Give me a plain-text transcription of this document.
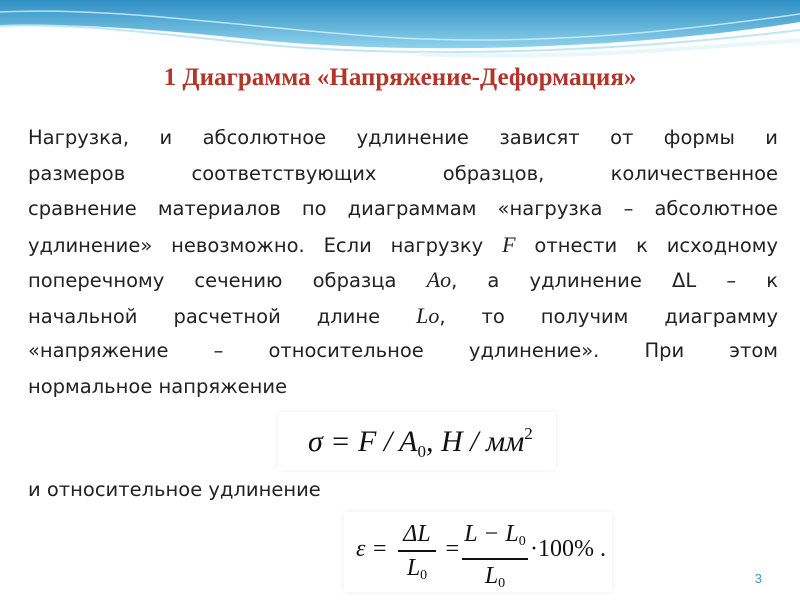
1 Диаграмма «Напряжение-Деформация»
Нагрузка, и абсолютное удлинение зависят от формы и
размеров соответствующих образцов, количественное
сравнение материалов по диаграммам «нагрузка – абсолютное
удлинение» невозможно. Если нагрузку F отнести к исходному
поперечному сечению образца Ao, а удлинение ΔL – к
начальной расчетной длине Lo, то получим диаграмму
«напряжение – относительное удлинение». При этом
нормальное напряжение
$\sigma = F / A_0$, H / $мм^2$
и относительное удлинение
ε =
ΔL
$L_0$
=
$L - L_0$
$L_0$
·100% .
3
